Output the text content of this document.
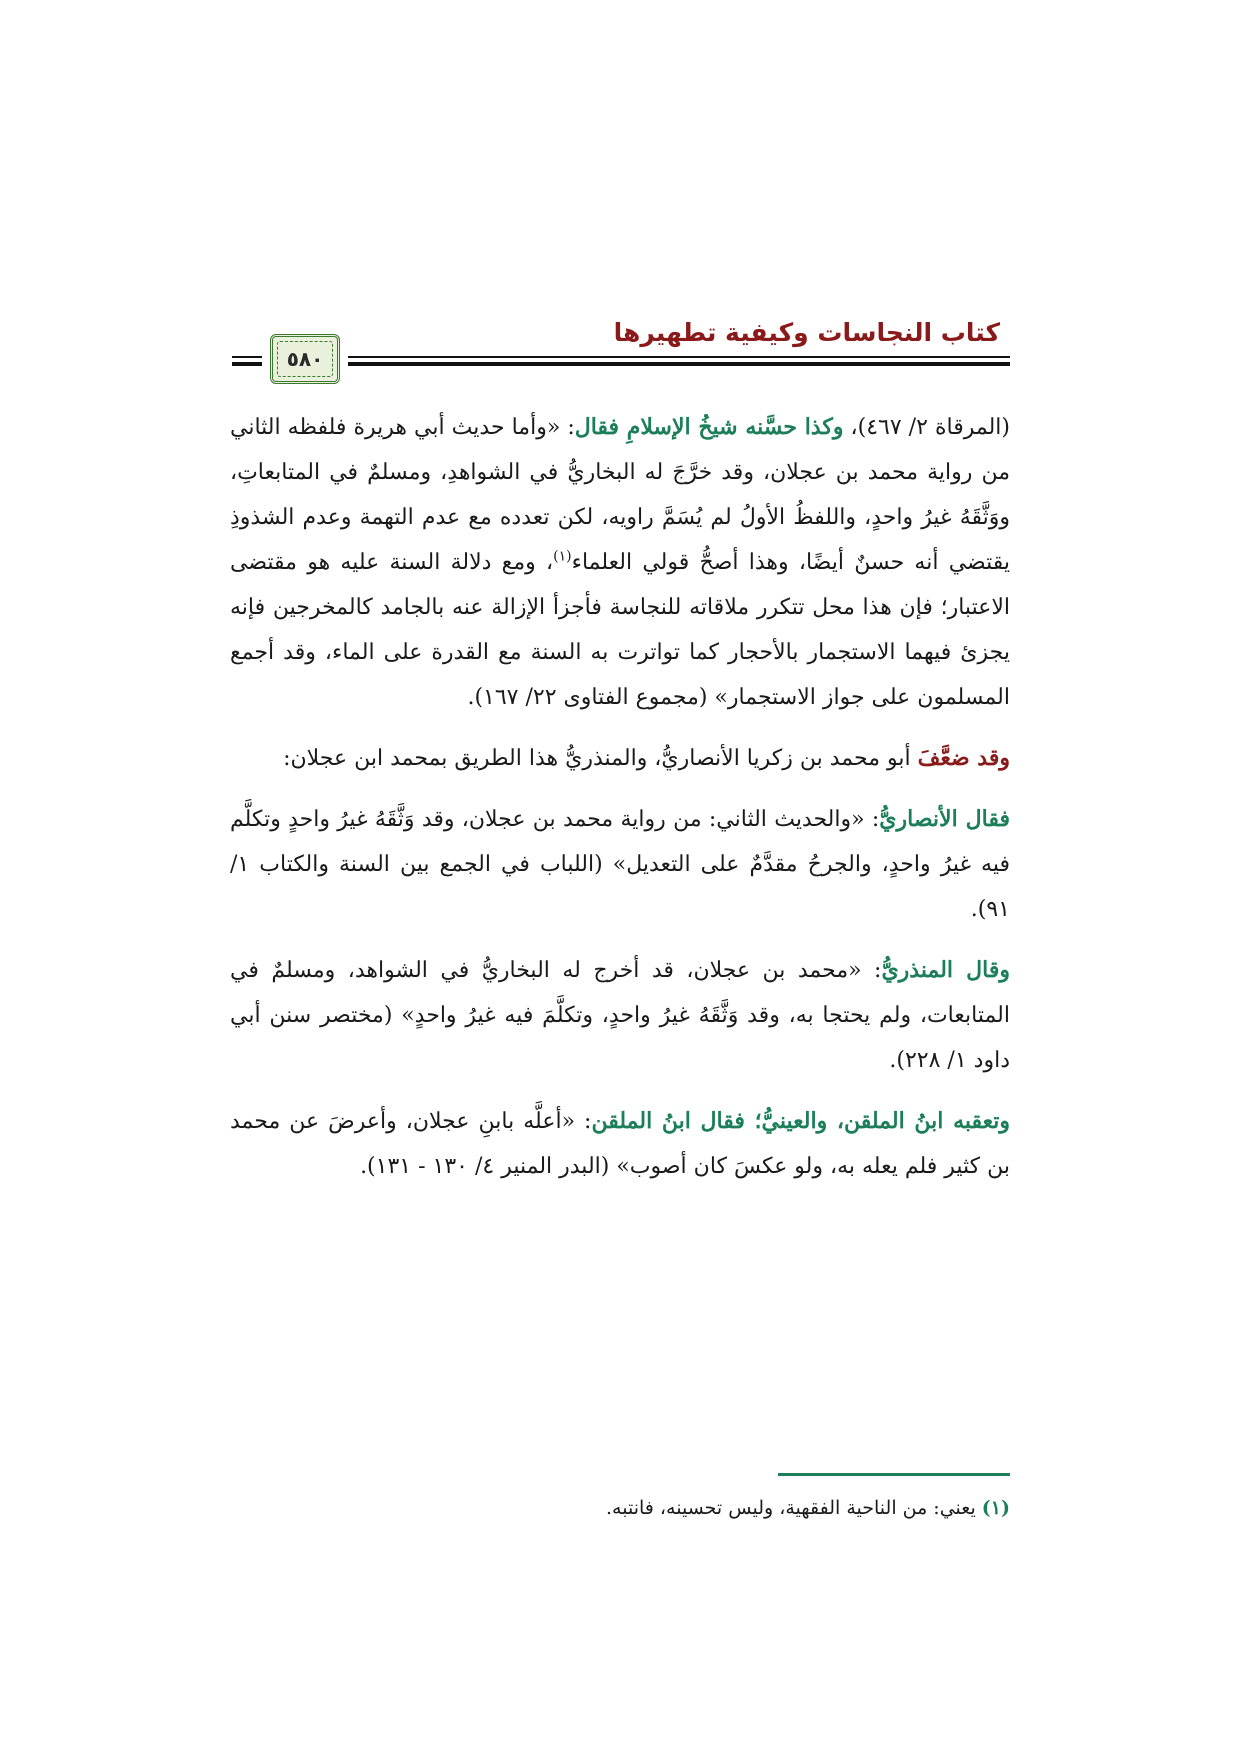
كتاب النجاسات وكيفية تطهيرها
٥٨٠

(المرقاة ٢/ ٤٦٧)، وكذا حسَّنه شيخُ الإسلامِ فقال: «وأما حديث أبي هريرة فلفظه الثاني من رواية محمد بن عجلان، وقد خرَّجَ له البخاريُّ في الشواهدِ، ومسلمٌ في المتابعاتِ، ووَثَّقَهُ غيرُ واحدٍ، واللفظُ الأولُ لم يُسَمَّ راويه، لكن تعدده مع عدم التهمة وعدم الشذوذِ يقتضي أنه حسنٌ أيضًا، وهذا أصحُّ قولي العلماء$^{(١)}$، ومع دلالة السنة عليه هو مقتضى الاعتبار؛ فإن هذا محل تتكرر ملاقاته للنجاسة فأجزأ الإزالة عنه بالجامد كالمخرجين فإنه يجزئ فيهما الاستجمار بالأحجار كما تواترت به السنة مع القدرة على الماء، وقد أجمع المسلمون على جواز الاستجمار» (مجموع الفتاوى ٢٢/ ١٦٧).

وقد ضعَّفَ أبو محمد بن زكريا الأنصاريُّ، والمنذريُّ هذا الطريق بمحمد ابن عجلان:

فقال الأنصاريُّ: «والحديث الثاني: من رواية محمد بن عجلان، وقد وَثَّقَهُ غيرُ واحدٍ وتكلَّم فيه غيرُ واحدٍ، والجرحُ مقدَّمٌ على التعديل» (اللباب في الجمع بين السنة والكتاب ١/ ٩١).

وقال المنذريُّ: «محمد بن عجلان، قد أخرج له البخاريُّ في الشواهد، ومسلمٌ في المتابعات، ولم يحتجا به، وقد وَثَّقَهُ غيرُ واحدٍ، وتكلَّمَ فيه غيرُ واحدٍ» (مختصر سنن أبي داود ١/ ٢٢٨).

وتعقبه ابنُ الملقن، والعينيُّ؛ فقال ابنُ الملقن: «أعلَّه بابنِ عجلان، وأعرضَ عن محمد بن كثير فلم يعله به، ولو عكسَ كان أصوب» (البدر المنير ٤/ ١٣٠ - ١٣١).

(١) يعني: من الناحية الفقهية، وليس تحسينه، فانتبه.
